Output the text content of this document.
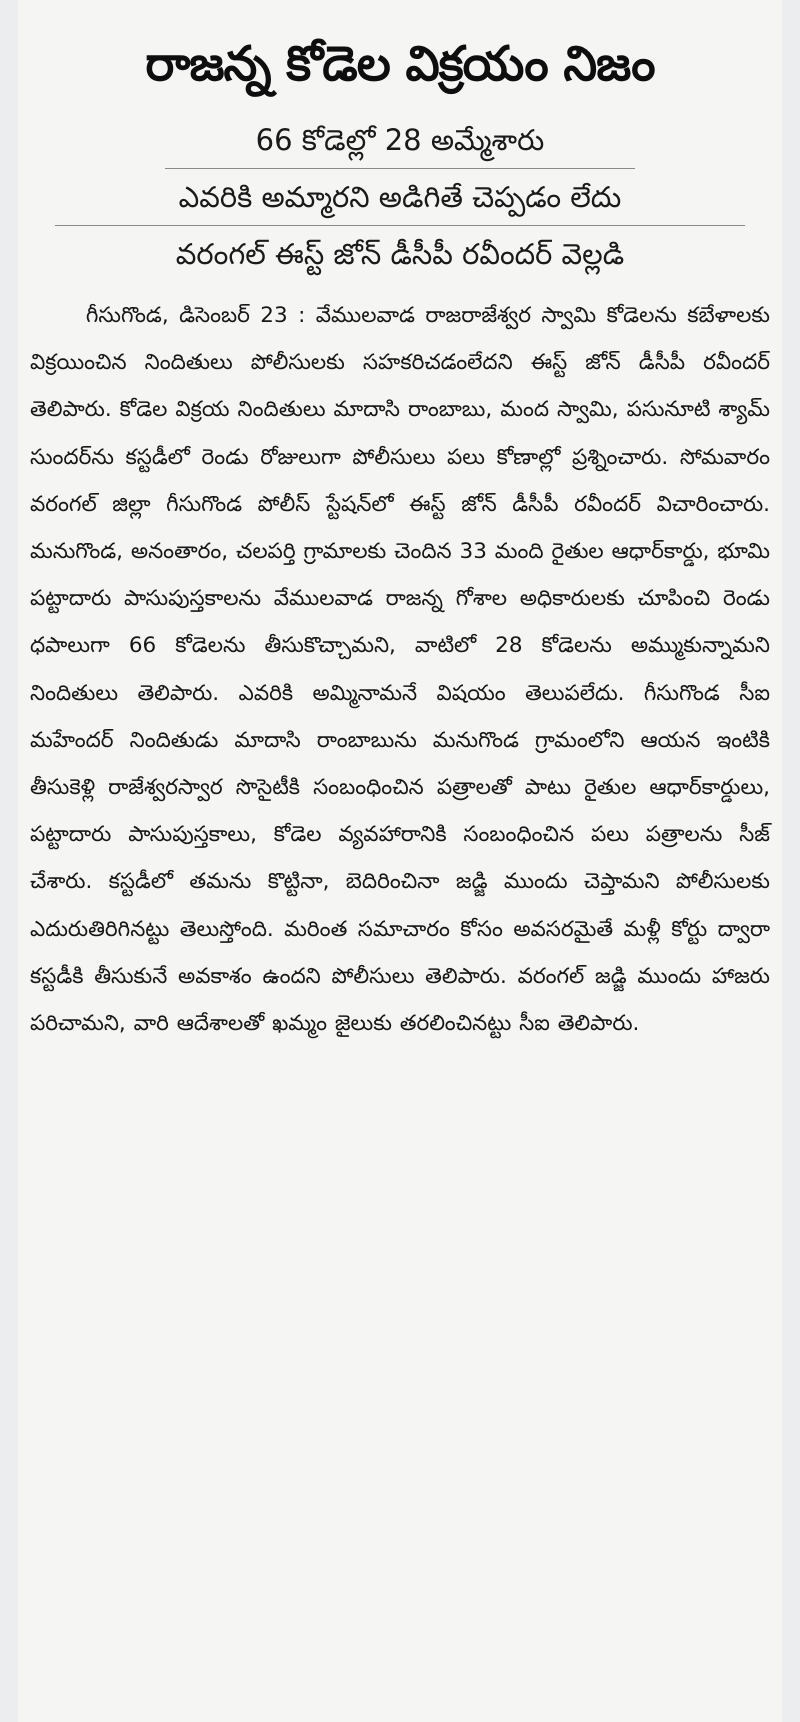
రాజన్న కోడెల విక్రయం నిజం

66 కోడెల్లో 28 అమ్మేశారు

ఎవరికి అమ్మారని అడిగితే చెప్పడం లేదు

వరంగల్ ఈస్ట్ జోన్ డీసీపీ రవీందర్ వెల్లడి

గీసుగొండ, డిసెంబర్ 23 : వేములవాడ రాజరాజేశ్వర స్వామి కోడెలను కబేళాలకు విక్రయించిన నిందితులు పోలీసులకు సహకరిచడంలేదని ఈస్ట్ జోన్ డీసీపీ రవీందర్ తెలిపారు. కోడెల విక్రయ నిందితులు మాదాసి రాంబాబు, మంద స్వామి, పసునూటి శ్యామ్ సుందర్‌ను కస్టడీలో రెండు రోజులుగా పోలీసులు పలు కోణాల్లో ప్రశ్నించారు. సోమవారం వరంగల్ జిల్లా గీసుగొండ పోలీస్ స్టేషన్‌లో ఈస్ట్ జోన్ డీసీపీ రవీందర్ విచారించారు. మనుగొండ, అనంతారం, చలపర్తి గ్రామాలకు చెందిన 33 మంది రైతుల ఆధార్‌కార్డు, భూమి పట్టాదారు పాసుపుస్తకాలను వేములవాడ రాజన్న గోశాల అధికారులకు చూపించి రెండు ధపాలుగా 66 కోడెలను తీసుకొచ్చామని, వాటిలో 28 కోడెలను అమ్ముకున్నామని నిందితులు తెలిపారు. ఎవరికి అమ్మినామనే విషయం తెలుపలేదు. గీసుగొండ సీఐ మహేందర్ నిందితుడు మాదాసి రాంబాబును మనుగొండ గ్రామంలోని ఆయన ఇంటికి తీసుకెళ్లి రాజేశ్వరస్వార సొసైటీకి సంబంధించిన పత్రాలతో పాటు రైతుల ఆధార్‌కార్డులు, పట్టాదారు పాసుపుస్తకాలు, కోడెల వ్యవహారానికి సంబంధించిన పలు పత్రాలను సీజ్ చేశారు. కస్టడీలో తమను కొట్టినా, బెదిరించినా జడ్జి ముందు చెప్తామని పోలీసులకు ఎదురుతిరిగినట్టు తెలుస్తోంది. మరింత సమాచారం కోసం అవసరమైతే మళ్లీ కోర్టు ద్వారా కస్టడీకి తీసుకునే అవకాశం ఉందని పోలీసులు తెలిపారు. వరంగల్ జడ్జి ముందు హాజరు పరిచామని, వారి ఆదేశాలతో ఖమ్మం జైలుకు తరలించినట్టు సీఐ తెలిపారు.
